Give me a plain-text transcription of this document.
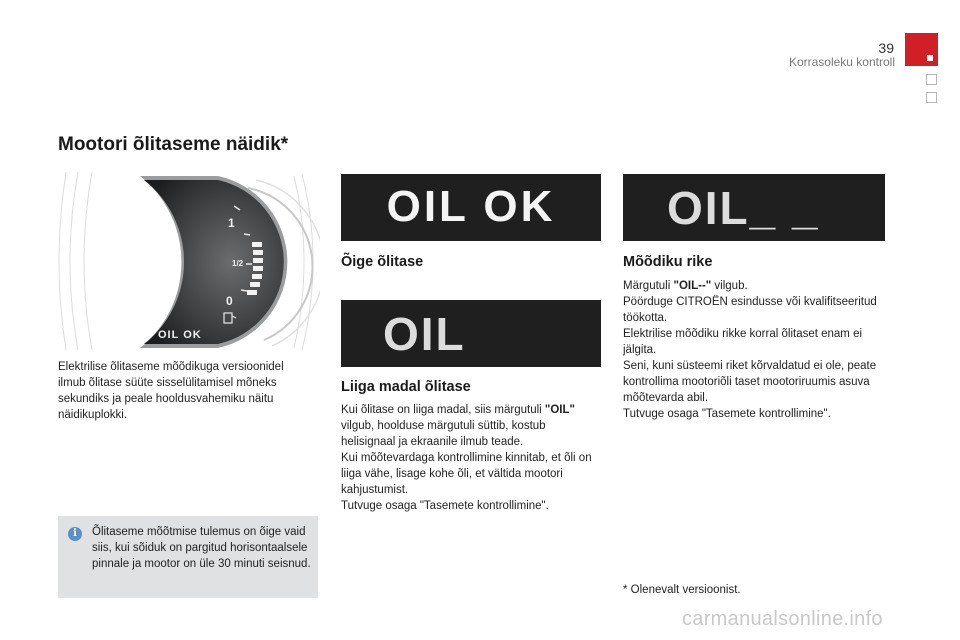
39
Korrasoleku kontroll
Mootori õlitaseme näidik*
1
1/2
0
OIL OK
Elektrilise õlitaseme mõõdikuga versioonidel ilmub õlitase süüte sisselülitamisel mõneks sekundiks ja peale hooldusvahemiku näitu näidikuplokki.
i	Õlitaseme mõõtmise tulemus on õige vaid siis, kui sõiduk on pargitud horisontaalsele pinnale ja mootor on üle 30 minuti seisnud.
OIL OK
Õige õlitase
OIL
Liiga madal õlitase

Kui õlitase on liiga madal, siis märgutuli "OIL" vilgub, hoolduse märgutuli süttib, kostub helisignaal ja ekraanile ilmub teade.

Kui mõõtevardaga kontrollimine kinnitab, et õli on liiga vähe, lisage kohe õli, et vältida mootori kahjustumist.

Tutvuge osaga "Tasemete kontrollimine".

OIL_ _
Mõõdiku rike

Märgutuli "OIL--" vilgub.

Pöörduge CITROËN esindusse või kvalifitseeritud töökotta.

Elektrilise mõõdiku rikke korral õlitaset enam ei jälgita.

Seni, kuni süsteemi riket kõrvaldatud ei ole, peate kontrollima mootoriõli taset mootoriruumis asuva mõõtevarda abil.

Tutvuge osaga "Tasemete kontrollimine".

* Olenevalt versioonist.
carmanualsonline.info
